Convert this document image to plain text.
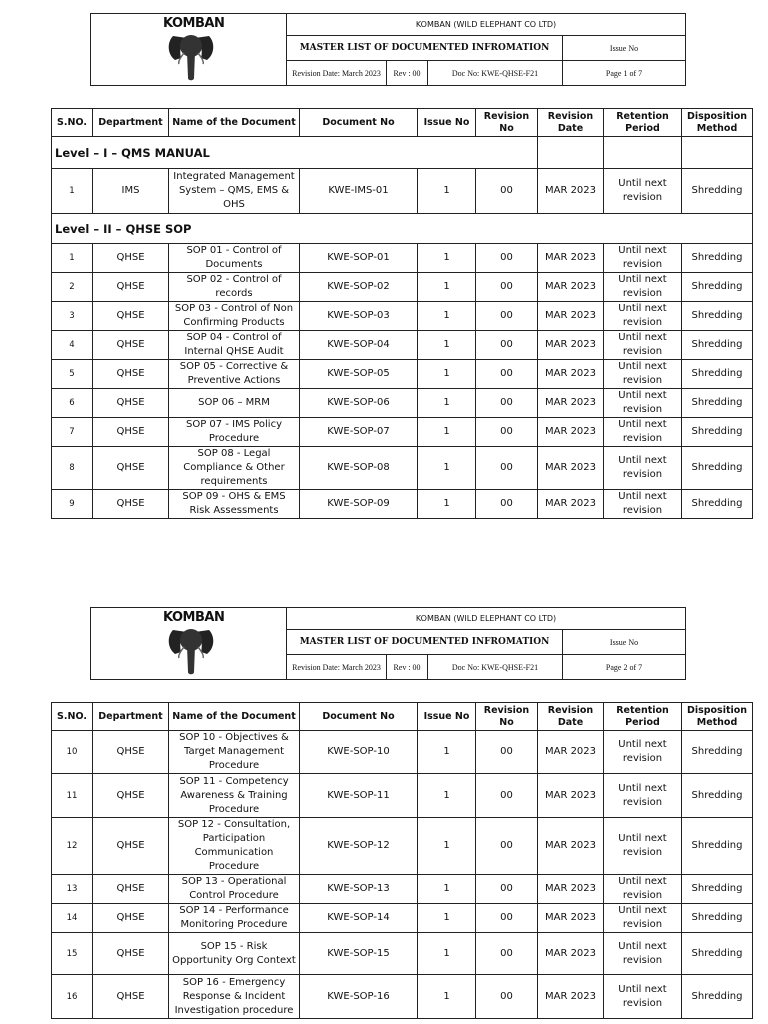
KOMBAN	KOMBAN (WILD ELEPHANT CO LTD)			
	MASTER LIST OF DOCUMENTED INFROMATION			Issue No
	Revision Date: March 2023	Rev : 00	Doc No: KWE-QHSE-F21	Page 1 of 7
S.NO.	Department	Name of the Document	Document No	Issue No	Revision No	Revision Date	Retention Period	Disposition Method
Level – I – QMS MANUAL								
1	IMS	Integrated Management System – QMS, EMS & OHS	KWE-IMS-01	1	00	MAR 2023	Until next revision	Shredding
Level – II – QHSE SOP								
1	QHSE	SOP 01 - Control of Documents	KWE-SOP-01	1	00	MAR 2023	Until next revision	Shredding
2	QHSE	SOP 02 - Control of records	KWE-SOP-02	1	00	MAR 2023	Until next revision	Shredding
3	QHSE	SOP 03 - Control of Non Confirming Products	KWE-SOP-03	1	00	MAR 2023	Until next revision	Shredding
4	QHSE	SOP 04 - Control of Internal QHSE Audit	KWE-SOP-04	1	00	MAR 2023	Until next revision	Shredding
5	QHSE	SOP 05 - Corrective & Preventive Actions	KWE-SOP-05	1	00	MAR 2023	Until next revision	Shredding
6	QHSE	SOP 06 – MRM	KWE-SOP-06	1	00	MAR 2023	Until next revision	Shredding
7	QHSE	SOP 07 - IMS Policy Procedure	KWE-SOP-07	1	00	MAR 2023	Until next revision	Shredding
8	QHSE	SOP 08 - Legal Compliance & Other requirements	KWE-SOP-08	1	00	MAR 2023	Until next revision	Shredding
9	QHSE	SOP 09 - OHS & EMS Risk Assessments	KWE-SOP-09	1	00	MAR 2023	Until next revision	Shredding
KOMBAN	KOMBAN (WILD ELEPHANT CO LTD)			
	MASTER LIST OF DOCUMENTED INFROMATION			Issue No
	Revision Date: March 2023	Rev : 00	Doc No: KWE-QHSE-F21	Page 2 of 7
S.NO.	Department	Name of the Document	Document No	Issue No	Revision No	Revision Date	Retention Period	Disposition Method
10	QHSE	SOP 10 - Objectives & Target Management Procedure	KWE-SOP-10	1	00	MAR 2023	Until next revision	Shredding
11	QHSE	SOP 11 - Competency Awareness & Training Procedure	KWE-SOP-11	1	00	MAR 2023	Until next revision	Shredding
12	QHSE	SOP 12 - Consultation, Participation Communication Procedure	KWE-SOP-12	1	00	MAR 2023	Until next revision	Shredding
13	QHSE	SOP 13 - Operational Control Procedure	KWE-SOP-13	1	00	MAR 2023	Until next revision	Shredding
14	QHSE	SOP 14 - Performance Monitoring Procedure	KWE-SOP-14	1	00	MAR 2023	Until next revision	Shredding
15	QHSE	SOP 15 - Risk Opportunity Org Context	KWE-SOP-15	1	00	MAR 2023	Until next revision	Shredding
16	QHSE	SOP 16 - Emergency Response & Incident Investigation procedure	KWE-SOP-16	1	00	MAR 2023	Until next revision	Shredding
